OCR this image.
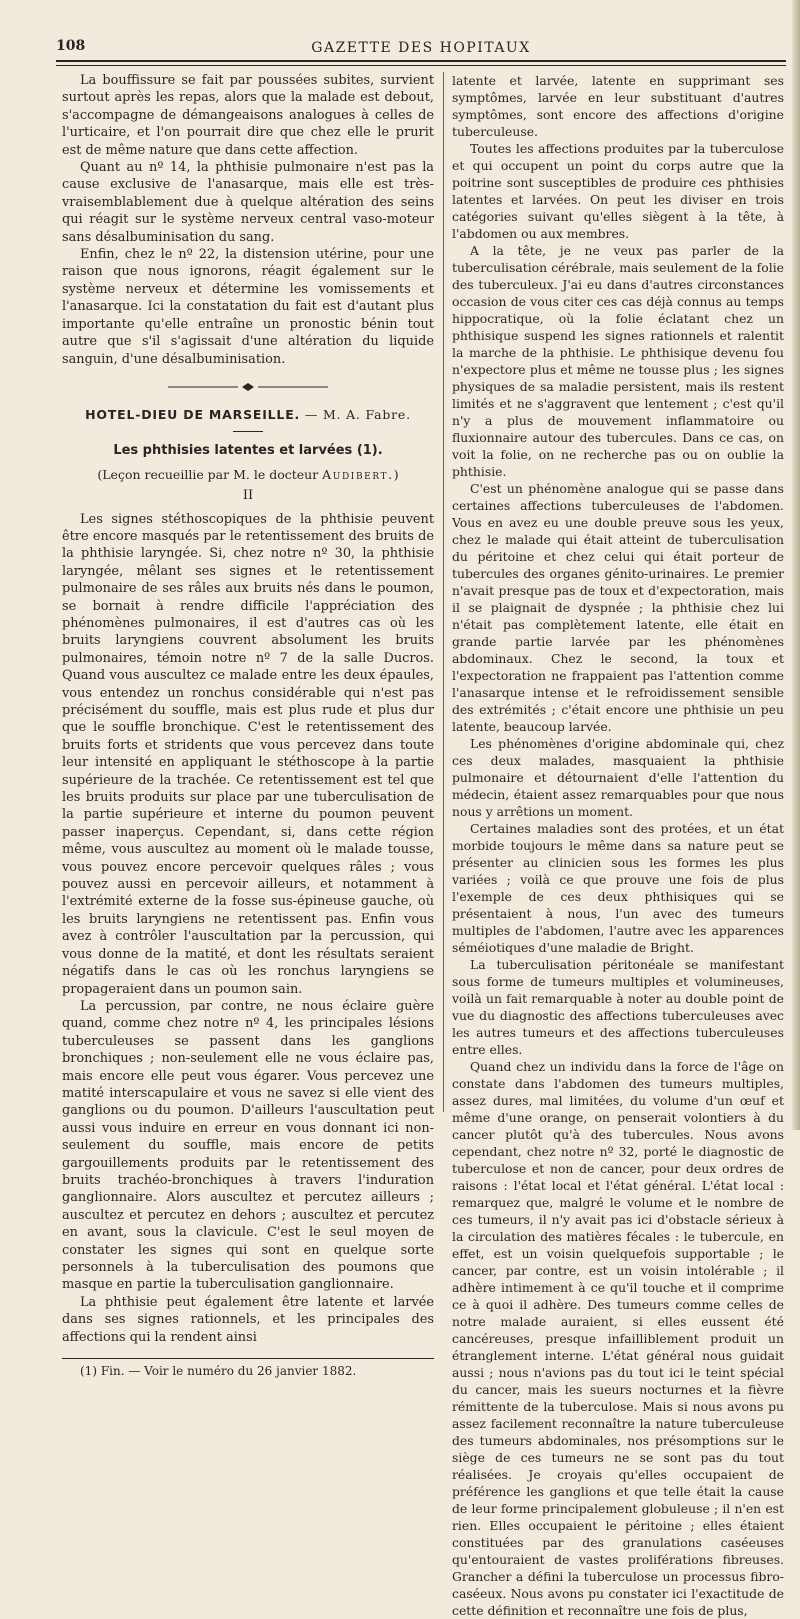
108	GAZETTE DES HOPITAUX

La bouffissure se fait par poussées subites, survient surtout après les repas, alors que la malade est debout, s'accompagne de démangeaisons analogues à celles de l'urticaire, et l'on pourrait dire que chez elle le prurit est de même nature que dans cette affection.

Quant au nº 14, la phthisie pulmonaire n'est pas la cause exclusive de l'anasarque, mais elle est très-vraisemblablement due à quelque altération des seins qui réagit sur le système nerveux central vaso-moteur sans désalbuminisation du sang.

Enfin, chez le nº 22, la distension utérine, pour une raison que nous ignorons, réagit également sur le système nerveux et détermine les vomissements et l'anasarque. Ici la constatation du fait est d'autant plus importante qu'elle entraîne un pronostic bénin tout autre que s'il s'agissait d'une altération du liquide sanguin, d'une désalbuminisation.

HOTEL-DIEU DE MARSEILLE. — M. A. Fabre.
Les phthisies latentes et larvées (1).
(Leçon recueillie par M. le docteur Audibert.)
II

Les signes stéthoscopiques de la phthisie peuvent être encore masqués par le retentissement des bruits de la phthisie laryngée. Si, chez notre nº 30, la phthisie laryngée, mêlant ses signes et le retentissement pulmonaire de ses râles aux bruits nés dans le poumon, se bornait à rendre difficile l'appréciation des phénomènes pulmonaires, il est d'autres cas où les bruits laryngiens couvrent absolument les bruits pulmonaires, témoin notre nº 7 de la salle Ducros. Quand vous auscultez ce malade entre les deux épaules, vous entendez un ronchus considérable qui n'est pas précisément du souffle, mais est plus rude et plus dur que le souffle bronchique. C'est le retentissement des bruits forts et stridents que vous percevez dans toute leur intensité en appliquant le stéthoscope à la partie supérieure de la trachée. Ce retentissement est tel que les bruits produits sur place par une tuberculisation de la partie supérieure et interne du poumon peuvent passer inaperçus. Cependant, si, dans cette région même, vous auscultez au moment où le malade tousse, vous pouvez encore percevoir quelques râles ; vous pouvez aussi en percevoir ailleurs, et notamment à l'extrémité externe de la fosse sus-épineuse gauche, où les bruits laryngiens ne retentissent pas. Enfin vous avez à contrôler l'auscultation par la percussion, qui vous donne de la matité, et dont les résultats seraient négatifs dans le cas où les ronchus laryngiens se propageraient dans un poumon sain.

La percussion, par contre, ne nous éclaire guère quand, comme chez notre nº 4, les principales lésions tuberculeuses se passent dans les ganglions bronchiques ; non-seulement elle ne vous éclaire pas, mais encore elle peut vous égarer. Vous percevez une matité interscapulaire et vous ne savez si elle vient des ganglions ou du poumon. D'ailleurs l'auscultation peut aussi vous induire en erreur en vous donnant ici non-seulement du souffle, mais encore de petits gargouillements produits par le retentissement des bruits trachéo-bronchiques à travers l'induration ganglionnaire. Alors auscultez et percutez ailleurs ; auscultez et percutez en dehors ; auscultez et percutez en avant, sous la clavicule. C'est le seul moyen de constater les signes qui sont en quelque sorte personnels à la tuberculisation des poumons que masque en partie la tuberculisation ganglionnaire.

La phthisie peut également être latente et larvée dans ses signes rationnels, et les principales des affections qui la rendent ainsi

(1) Fin. — Voir le numéro du 26 janvier 1882.

latente et larvée, latente en supprimant ses symptômes, larvée en leur substituant d'autres symptômes, sont encore des affections d'origine tuberculeuse.

Toutes les affections produites par la tuberculose et qui occupent un point du corps autre que la poitrine sont susceptibles de produire ces phthisies latentes et larvées. On peut les diviser en trois catégories suivant qu'elles siègent à la tête, à l'abdomen ou aux membres.

A la tête, je ne veux pas parler de la tuberculisation cérébrale, mais seulement de la folie des tuberculeux. J'ai eu dans d'autres circonstances occasion de vous citer ces cas déjà connus au temps hippocratique, où la folie éclatant chez un phthisique suspend les signes rationnels et ralentit la marche de la phthisie. Le phthisique devenu fou n'expectore plus et même ne tousse plus ; les signes physiques de sa maladie persistent, mais ils restent limités et ne s'aggravent que lentement ; c'est qu'il n'y a plus de mouvement inflammatoire ou fluxionnaire autour des tubercules. Dans ce cas, on voit la folie, on ne recherche pas ou on oublie la phthisie.

C'est un phénomène analogue qui se passe dans certaines affections tuberculeuses de l'abdomen. Vous en avez eu une double preuve sous les yeux, chez le malade qui était atteint de tuberculisation du péritoine et chez celui qui était porteur de tubercules des organes génito-urinaires. Le premier n'avait presque pas de toux et d'expectoration, mais il se plaignait de dyspnée ; la phthisie chez lui n'était pas complètement latente, elle était en grande partie larvée par les phénomènes abdominaux. Chez le second, la toux et l'expectoration ne frappaient pas l'attention comme l'anasarque intense et le refroidissement sensible des extrémités ; c'était encore une phthisie un peu latente, beaucoup larvée.

Les phénomènes d'origine abdominale qui, chez ces deux malades, masquaient la phthisie pulmonaire et détournaient d'elle l'attention du médecin, étaient assez remarquables pour que nous nous y arrêtions un moment.

Certaines maladies sont des protées, et un état morbide toujours le même dans sa nature peut se présenter au clinicien sous les formes les plus variées ; voilà ce que prouve une fois de plus l'exemple de ces deux phthisiques qui se présentaient à nous, l'un avec des tumeurs multiples de l'abdomen, l'autre avec les apparences séméiotiques d'une maladie de Bright.

La tuberculisation péritonéale se manifestant sous forme de tumeurs multiples et volumineuses, voilà un fait remarquable à noter au double point de vue du diagnostic des affections tuberculeuses avec les autres tumeurs et des affections tuberculeuses entre elles.

Quand chez un individu dans la force de l'âge on constate dans l'abdomen des tumeurs multiples, assez dures, mal limitées, du volume d'un œuf et même d'une orange, on penserait volontiers à du cancer plutôt qu'à des tubercules. Nous avons cependant, chez notre nº 32, porté le diagnostic de tuberculose et non de cancer, pour deux ordres de raisons : l'état local et l'état général. L'état local : remarquez que, malgré le volume et le nombre de ces tumeurs, il n'y avait pas ici d'obstacle sérieux à la circulation des matières fécales : le tubercule, en effet, est un voisin quelquefois supportable ; le cancer, par contre, est un voisin intolérable ; il adhère intimement à ce qu'il touche et il comprime ce à quoi il adhère. Des tumeurs comme celles de notre malade auraient, si elles eussent été cancéreuses, presque infailliblement produit un étranglement interne. L'état général nous guidait aussi ; nous n'avions pas du tout ici le teint spécial du cancer, mais les sueurs nocturnes et la fièvre rémittente de la tuberculose. Mais si nous avons pu assez facilement reconnaître la nature tuberculeuse des tumeurs abdominales, nos présomptions sur le siège de ces tumeurs ne se sont pas du tout réalisées. Je croyais qu'elles occupaient de préférence les ganglions et que telle était la cause de leur forme principalement globuleuse ; il n'en est rien. Elles occupaient le péritoine ; elles étaient constituées par des granulations caséeuses qu'entouraient de vastes proliférations fibreuses. Grancher a défini la tuberculose un processus fibro-caséeux. Nous avons pu constater ici l'exactitude de cette définition et reconnaître une fois de plus,
